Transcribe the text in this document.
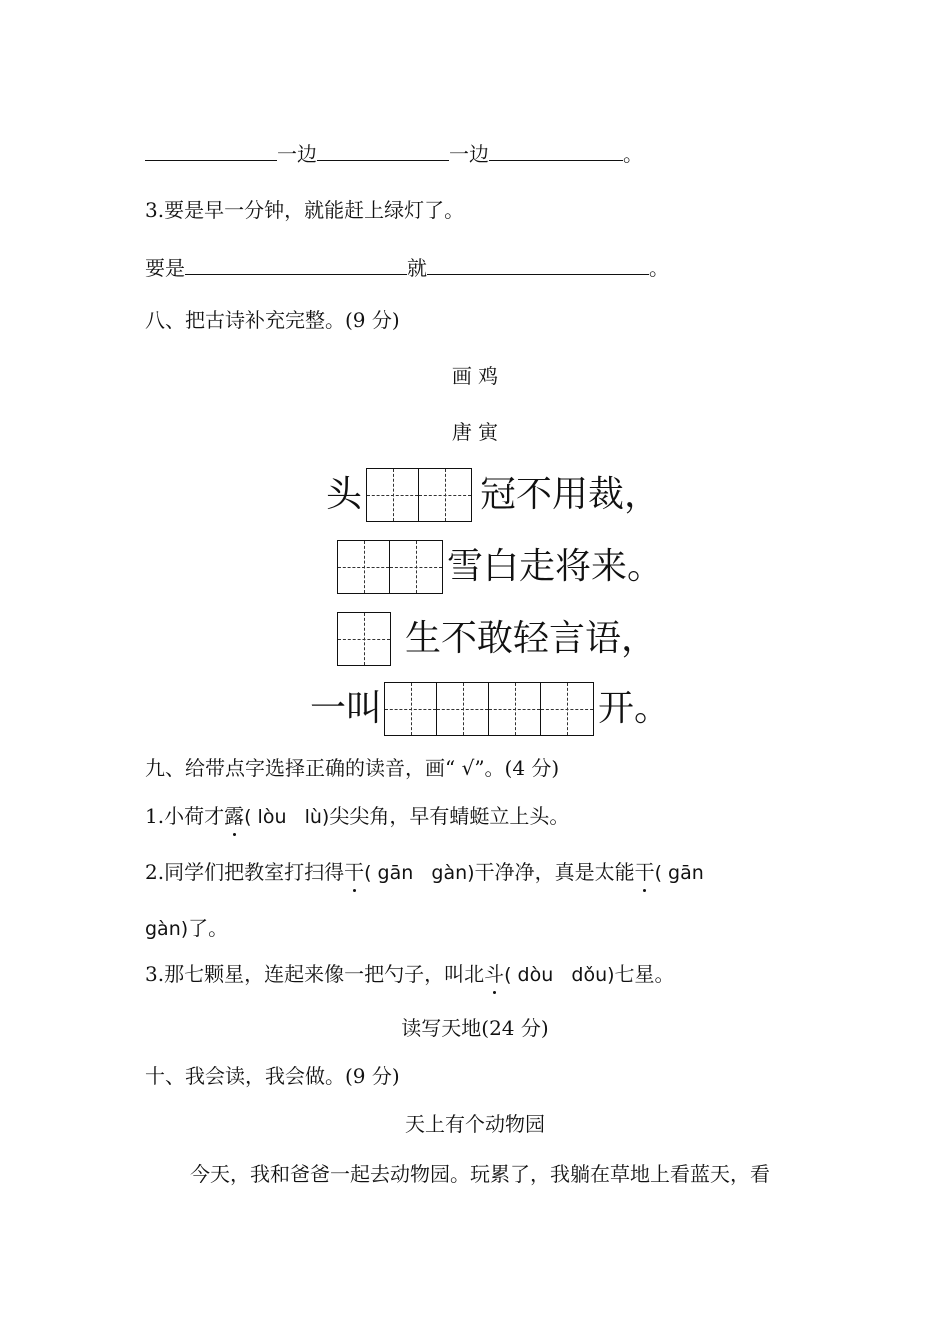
一边	一边	。
3.要是早一分钟，就能赶上绿灯了。
要是	就	。
八、把古诗补充完整。(9 分)
画 鸡
唐 寅
头	冠不用裁，
雪白走将来。
生不敢轻言语，
一叫	开。
九、给带点字选择正确的读音，画“ √”。(4 分)
1.小荷才露( lòu   lù)尖尖角，早有蜻蜓立上头。
2.同学们把教室打扫得干( gān   gàn)干净净，真是太能干( gān
gàn)了。
3.那七颗星，连起来像一把勺子，叫北斗( dòu   dǒu)七星。
读写天地(24 分)
十、我会读，我会做。(9 分)
天上有个动物园
今天，我和爸爸一起去动物园。玩累了，我躺在草地上看蓝天，看
